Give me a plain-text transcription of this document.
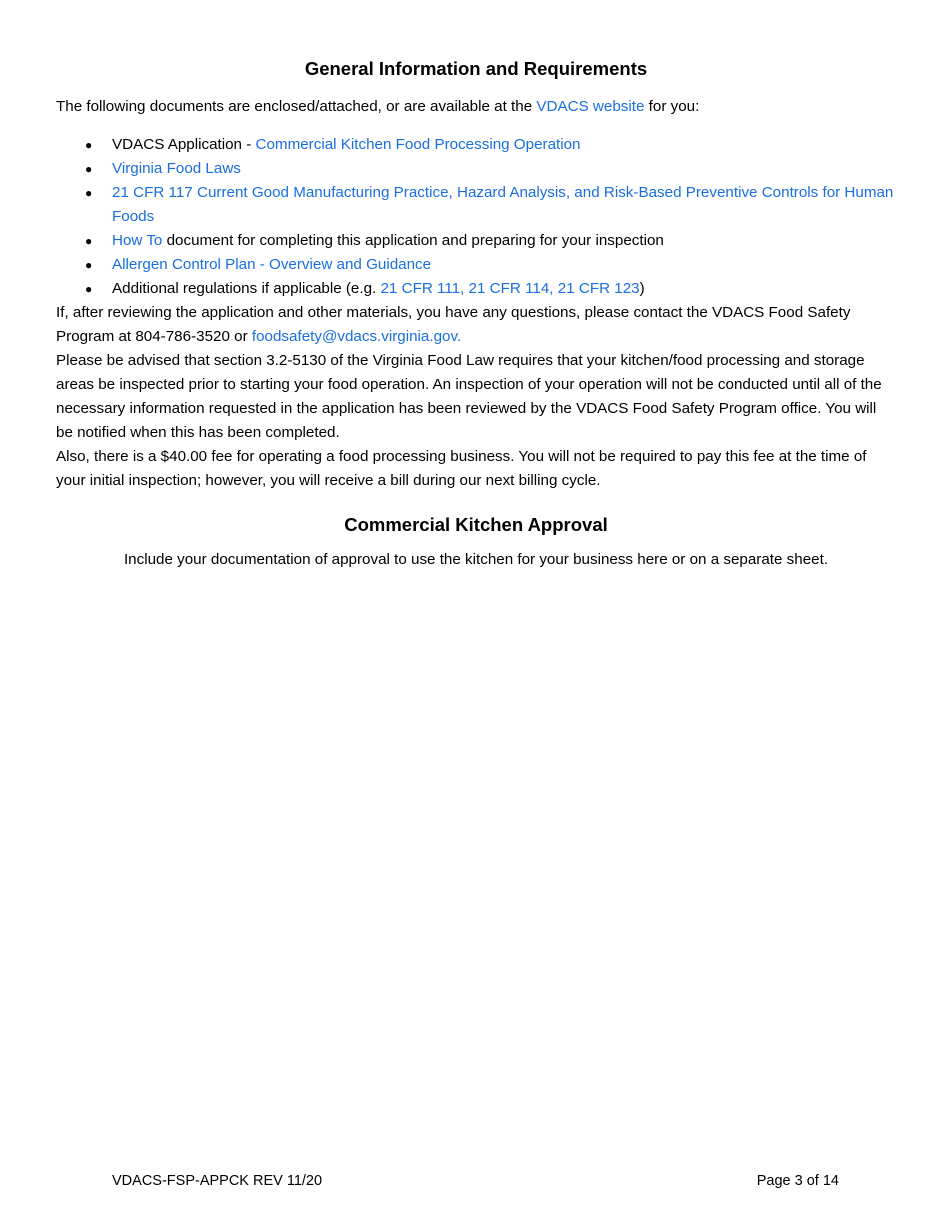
General Information and Requirements

The following documents are enclosed/attached, or are available at the VDACS website for you:

● VDACS Application - Commercial Kitchen Food Processing Operation
● Virginia Food Laws
● 21 CFR 117 Current Good Manufacturing Practice, Hazard Analysis, and Risk-Based Preventive Controls for Human Foods
● How To document for completing this application and preparing for your inspection
● Allergen Control Plan - Overview and Guidance
● Additional regulations if applicable (e.g. 21 CFR 111, 21 CFR 114, 21 CFR 123)

If, after reviewing the application and other materials, you have any questions, please contact the VDACS Food Safety Program at 804-786-3520 or foodsafety@vdacs.virginia.gov.

Please be advised that section 3.2-5130 of the Virginia Food Law requires that your kitchen/food processing and storage areas be inspected prior to starting your food operation. An inspection of your operation will not be conducted until all of the necessary information requested in the application has been reviewed by the VDACS Food Safety Program office. You will be notified when this has been completed.

Also, there is a $40.00 fee for operating a food processing business. You will not be required to pay this fee at the time of your initial inspection; however, you will receive a bill during our next billing cycle.

Commercial Kitchen Approval

Include your documentation of approval to use the kitchen for your business here or on a separate sheet.

VDACS-FSP-APPCK REV 11/20	Page 3 of 14
